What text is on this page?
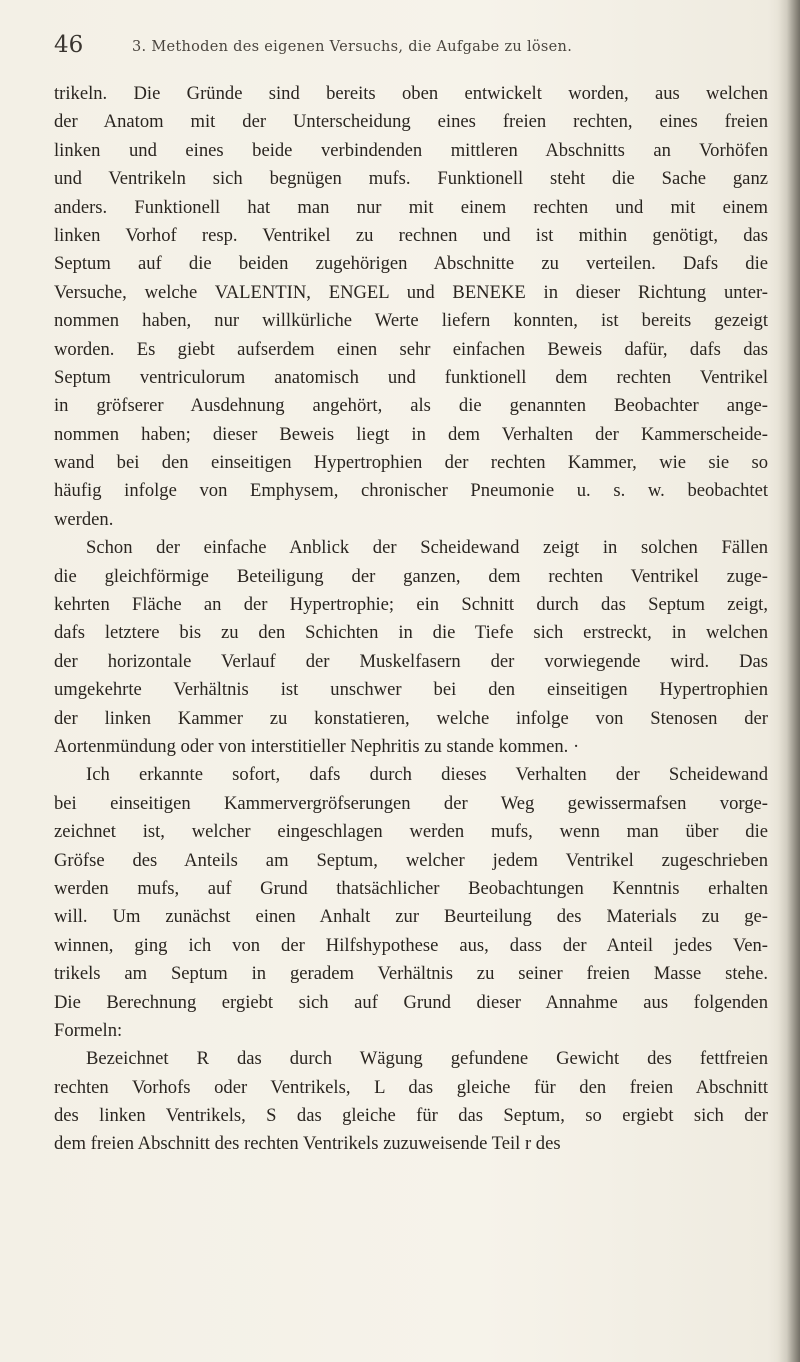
46	3. Methoden des eigenen Versuchs, die Aufgabe zu lösen.
trikeln. Die Gründe sind bereits oben entwickelt worden, aus welchen
der Anatom mit der Unterscheidung eines freien rechten, eines freien
linken und eines beide verbindenden mittleren Abschnitts an Vorhöfen
und Ventrikeln sich begnügen mufs. Funktionell steht die Sache ganz
anders. Funktionell hat man nur mit einem rechten und mit einem
linken Vorhof resp. Ventrikel zu rechnen und ist mithin genötigt, das
Septum auf die beiden zugehörigen Abschnitte zu verteilen. Dafs die
Versuche, welche VALENTIN, ENGEL und BENEKE in dieser Richtung unter-
nommen haben, nur willkürliche Werte liefern konnten, ist bereits gezeigt
worden. Es giebt aufserdem einen sehr einfachen Beweis dafür, dafs das
Septum ventriculorum anatomisch und funktionell dem rechten Ventrikel
in gröfserer Ausdehnung angehört, als die genannten Beobachter ange-
nommen haben; dieser Beweis liegt in dem Verhalten der Kammerscheide-
wand bei den einseitigen Hypertrophien der rechten Kammer, wie sie so
häufig infolge von Emphysem, chronischer Pneumonie u. s. w. beobachtet
werden.
Schon der einfache Anblick der Scheidewand zeigt in solchen Fällen
die gleichförmige Beteiligung der ganzen, dem rechten Ventrikel zuge-
kehrten Fläche an der Hypertrophie; ein Schnitt durch das Septum zeigt,
dafs letztere bis zu den Schichten in die Tiefe sich erstreckt, in welchen
der horizontale Verlauf der Muskelfasern der vorwiegende wird. Das
umgekehrte Verhältnis ist unschwer bei den einseitigen Hypertrophien
der linken Kammer zu konstatieren, welche infolge von Stenosen der
Aortenmündung oder von interstitieller Nephritis zu stande kommen. ·
Ich erkannte sofort, dafs durch dieses Verhalten der Scheidewand
bei einseitigen Kammervergröfserungen der Weg gewissermafsen vorge-
zeichnet ist, welcher eingeschlagen werden mufs, wenn man über die
Gröfse des Anteils am Septum, welcher jedem Ventrikel zugeschrieben
werden mufs, auf Grund thatsächlicher Beobachtungen Kenntnis erhalten
will. Um zunächst einen Anhalt zur Beurteilung des Materials zu ge-
winnen, ging ich von der Hilfshypothese aus, dass der Anteil jedes Ven-
trikels am Septum in geradem Verhältnis zu seiner freien Masse stehe.
Die Berechnung ergiebt sich auf Grund dieser Annahme aus folgenden
Formeln:
Bezeichnet R das durch Wägung gefundene Gewicht des fettfreien
rechten Vorhofs oder Ventrikels, L das gleiche für den freien Abschnitt
des linken Ventrikels, S das gleiche für das Septum, so ergiebt sich der
dem freien Abschnitt des rechten Ventrikels zuzuweisende Teil r des
